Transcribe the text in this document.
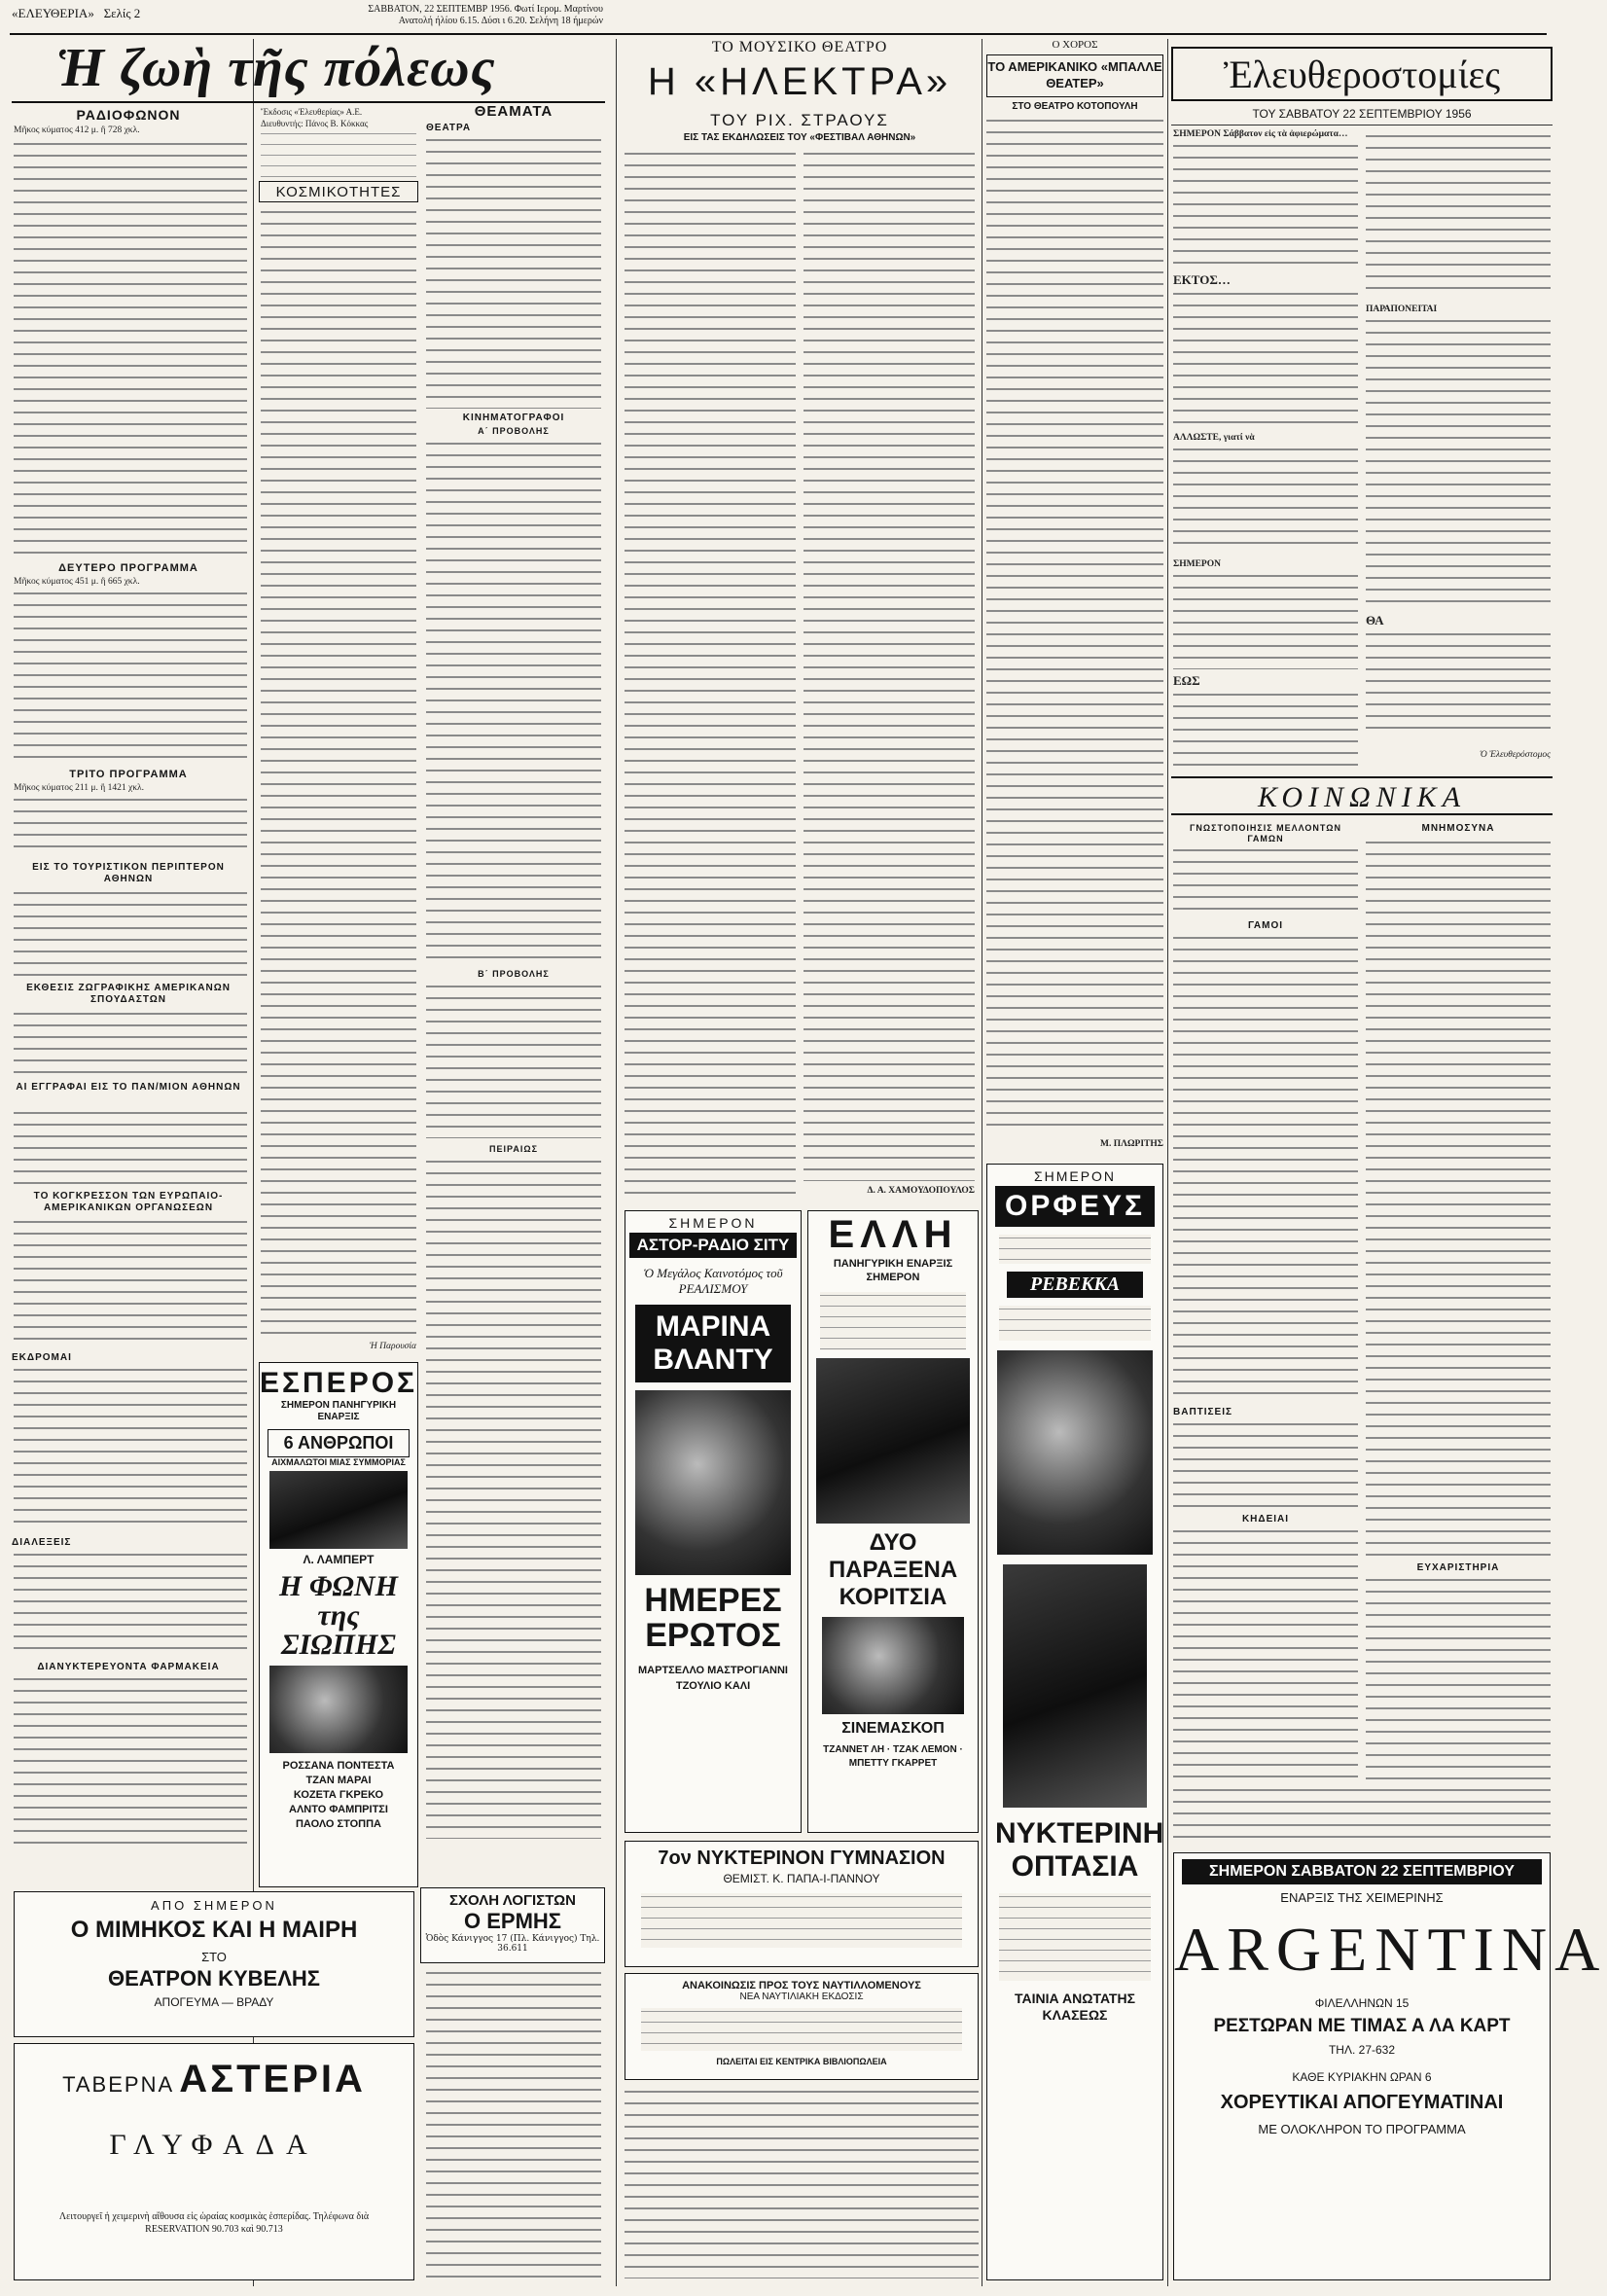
«ΕΛΕΥΘΕΡΙΑ» Σελίς 2	ΣΑΒΒΑΤΟΝ, 22 ΣΕΠΤΕΜΒΡ 1956. Φωτί Ιερομ. Μαρτίνου
Ανατολή ήλίου 6.15. Δύσι ι 6.20. Σελήνη 18 ήμερών
Ἡ ζωὴ τῆς πόλεως
ΡΑΔΙΟΦΩΝΟΝ
Μῆκος κύματος 412 μ. ἢ 728 χκλ.
ΔΕΥΤΕΡΟ ΠΡΟΓΡΑΜΜΑ
Μῆκος κύματος 451 μ. ἢ 665 χκλ.
ΤΡΙΤΟ ΠΡΟΓΡΑΜΜΑ
Μῆκος κύματος 211 μ. ἢ 1421 χκλ.
ΕΙΣ ΤΟ ΤΟΥΡΙΣΤΙΚΟΝ ΠΕΡΙΠΤΕΡΟΝ ΑΘΗΝΩΝ
ΕΚΘΕΣΙΣ ΖΩΓΡΑΦΙΚΗΣ ΑΜΕΡΙΚΑΝΩΝ ΣΠΟΥΔΑΣΤΩΝ
ΑΙ ΕΓΓΡΑΦΑΙ ΕΙΣ ΤΟ ΠΑΝ/ΜΙΟΝ ΑΘΗΝΩΝ
ΤΟ ΚΟΓΚΡΕΣΣΟΝ ΤΩΝ ΕΥΡΩΠΑΙΟ-ΑΜΕΡΙΚΑΝΙΚΩΝ ΟΡΓΑΝΩΣΕΩΝ
ΕΚΔΡΟΜΑΙ
ΔΙΑΛΕΞΕΙΣ
ΔΙΑΝΥΚΤΕΡΕΥΟΝΤΑ ΦΑΡΜΑΚΕΙΑ
Ἔκδοσις «Ἐλευθερίας» Α.Ε.
Διευθυντής: Πάνος Β. Κόκκας
ΚΟΣΜΙΚΟΤΗΤΕΣ
Ἡ Παρουσία
ΘΕΑΜΑΤΑ
ΘΕΑΤΡΑ
ΚΙΝΗΜΑΤΟΓΡΑΦΟΙ
Α΄ ΠΡΟΒΟΛΗΣ
Β΄ ΠΡΟΒΟΛΗΣ
ΠΕΙΡΑΙΩΣ
ΕΣΠΕΡΟΣ
ΣΗΜΕΡΟΝ ΠΑΝΗΓΥΡΙΚΗ ΕΝΑΡΞΙΣ
6 ΑΝΘΡΩΠΟΙ
ΑΙΧΜΑΛΩΤΟΙ ΜΙΑΣ ΣΥΜΜΟΡΙΑΣ
Λ. ΛΑΜΠΕΡΤ
Η ΦΩΝΗ της ΣΙΩΠΗΣ
ΡΟΣΣΑΝΑ ΠΟΝΤΕΣΤΑ
ΤΖΑΝ ΜΑΡΑΙ
ΚΟΖΕΤΑ ΓΚΡΕΚΟ
ΑΛΝΤΟ ΦΑΜΠΡΙΤΣΙ
ΠΑΟΛΟ ΣΤΟΠΠΑ
ΑΠΟ ΣΗΜΕΡΟΝ
Ο ΜΙΜΗΚΟΣ ΚΑΙ Η ΜΑΙΡΗ
ΣΤΟ
ΘΕΑΤΡΟΝ ΚΥΒΕΛΗΣ
ΑΠΟΓΕΥΜΑ — ΒΡΑΔΥ
ΤΑΒΕΡΝΑ ΑΣΤΕΡΙΑ
ΓΛΥΦΑΔΑ
Λειτουργεῖ ἡ χειμερινὴ αἴθουσα εἰς ὡραίας κοσμικὰς ἑσπερίδας. Τηλέφωνα διὰ RESERVATION 90.703 καὶ 90.713
ΣΧΟΛΗ ΛΟΓΙΣΤΩΝ
Ο ΕΡΜΗΣ
Ὁδὸς Κάνιγγος 17 (Πλ. Κάνιγγος) Τηλ. 36.611
ΤΟ ΜΟΥΣΙΚΟ ΘΕΑΤΡΟ
Η «ΗΛΕΚΤΡΑ»
ΤΟΥ ΡΙΧ. ΣΤΡΑΟΥΣ
ΕΙΣ ΤΑΣ ΕΚΔΗΛΩΣΕΙΣ ΤΟΥ «ΦΕΣΤΙΒΑΛ ΑΘΗΝΩΝ»
Δ. Α. ΧΑΜΟΥΔΟΠΟΥΛΟΣ
ΣΗΜΕΡΟΝ
ΑΣΤΟΡ-ΡΑΔΙΟ ΣΙΤΥ
Ὁ Μεγάλος Καινοτόμος τοῦ ΡΕΑΛΙΣΜΟΥ
ΜΑΡΙΝΑ ΒΛΑΝΤΥ
ΗΜΕΡΕΣ ΕΡΩΤΟΣ
ΜΑΡΤΣΕΛΛΟ ΜΑΣΤΡΟΓΙΑΝΝΙ
ΤΖΟΥΛΙΟ ΚΑΛΙ
ΕΛΛΗ
ΠΑΝΗΓΥΡΙΚΗ ΕΝΑΡΞΙΣ ΣΗΜΕΡΟΝ
ΔΥΟ ΠΑΡΑΞΕΝΑ ΚΟΡΙΤΣΙΑ
ΣΙΝΕΜΑΣΚΟΠ
ΤΖΑΝΝΕΤ ΛΗ · ΤΖΑΚ ΛΕΜΟΝ · ΜΠΕΤΤΥ ΓΚΑΡΡΕΤ
7ον ΝΥΚΤΕΡΙΝΟΝ ΓΥΜΝΑΣΙΟΝ
ΘΕΜΙΣΤ. Κ. ΠΑΠΑ-Ι-ΠΑΝΝΟΥ
ΑΝΑΚΟΙΝΩΣΙΣ ΠΡΟΣ ΤΟΥΣ ΝΑΥΤΙΛΛΟΜΕΝΟΥΣ
ΝΕΑ ΝΑΥΤΙΛΙΑΚΗ ΕΚΔΟΣΙΣ
ΠΩΛΕΙΤΑΙ ΕΙΣ ΚΕΝΤΡΙΚΑ ΒΙΒΛΙΟΠΩΛΕΙΑ
Ο ΧΟΡΟΣ
ΤΟ ΑΜΕΡΙΚΑΝΙΚΟ «ΜΠΑΛΛΕ ΘΕΑΤΕΡ»
ΣΤΟ ΘΕΑΤΡΟ ΚΟΤΟΠΟΥΛΗ
Μ. ΠΛΩΡΙΤΗΣ
ΣΗΜΕΡΟΝ
ΟΡΦΕΥΣ
ΡΕΒΕΚΚΑ
ΝΥΚΤΕΡΙΝΗ ΟΠΤΑΣΙΑ
ΤΑΙΝΙΑ ΑΝΩΤΑΤΗΣ ΚΛΑΣΕΩΣ
Ἐλευθεροστομίες
ΤΟΥ ΣΑΒΒΑΤΟΥ 22 ΣΕΠΤΕΜΒΡΙΟΥ 1956
ΣΗΜΕΡΟΝ Σάββατον εἰς τὰ ἀφιερώματα…
ΕΚΤΟΣ…
ΑΛΛΩΣΤΕ, γιατί νὰ
ΣΗΜΕΡΟΝ
ΕΩΣ
ΠΑΡΑΠΟΝΕΙΤΑΙ
ΘΑ
Ὁ Ἐλευθερόστομος
ΚΟΙΝΩΝΙΚΑ
ΓΝΩΣΤΟΠΟΙΗΣΙΣ ΜΕΛΛΟΝΤΩΝ ΓΑΜΩΝ
ΓΑΜΟΙ
ΒΑΠΤΙΣΕΙΣ
ΚΗΔΕΙΑΙ
ΜΝΗΜΟΣΥΝΑ
ΕΥΧΑΡΙΣΤΗΡΙΑ
ΣΗΜΕΡΟΝ ΣΑΒΒΑΤΟΝ 22 ΣΕΠΤΕΜΒΡΙΟΥ
ΕΝΑΡΞΙΣ ΤΗΣ ΧΕΙΜΕΡΙΝΗΣ
ARGENTINA
ΦΙΛΕΛΛΗΝΩΝ 15
ΡΕΣΤΩΡΑΝ ΜΕ ΤΙΜΑΣ Α ΛΑ ΚΑΡΤ
ΤΗΛ. 27-632
ΚΑΘΕ ΚΥΡΙΑΚΗΝ ΩΡΑΝ 6
ΧΟΡΕΥΤΙΚΑΙ ΑΠΟΓΕΥΜΑΤΙΝΑΙ
ΜΕ ΟΛΟΚΛΗΡΟΝ ΤΟ ΠΡΟΓΡΑΜΜΑ
